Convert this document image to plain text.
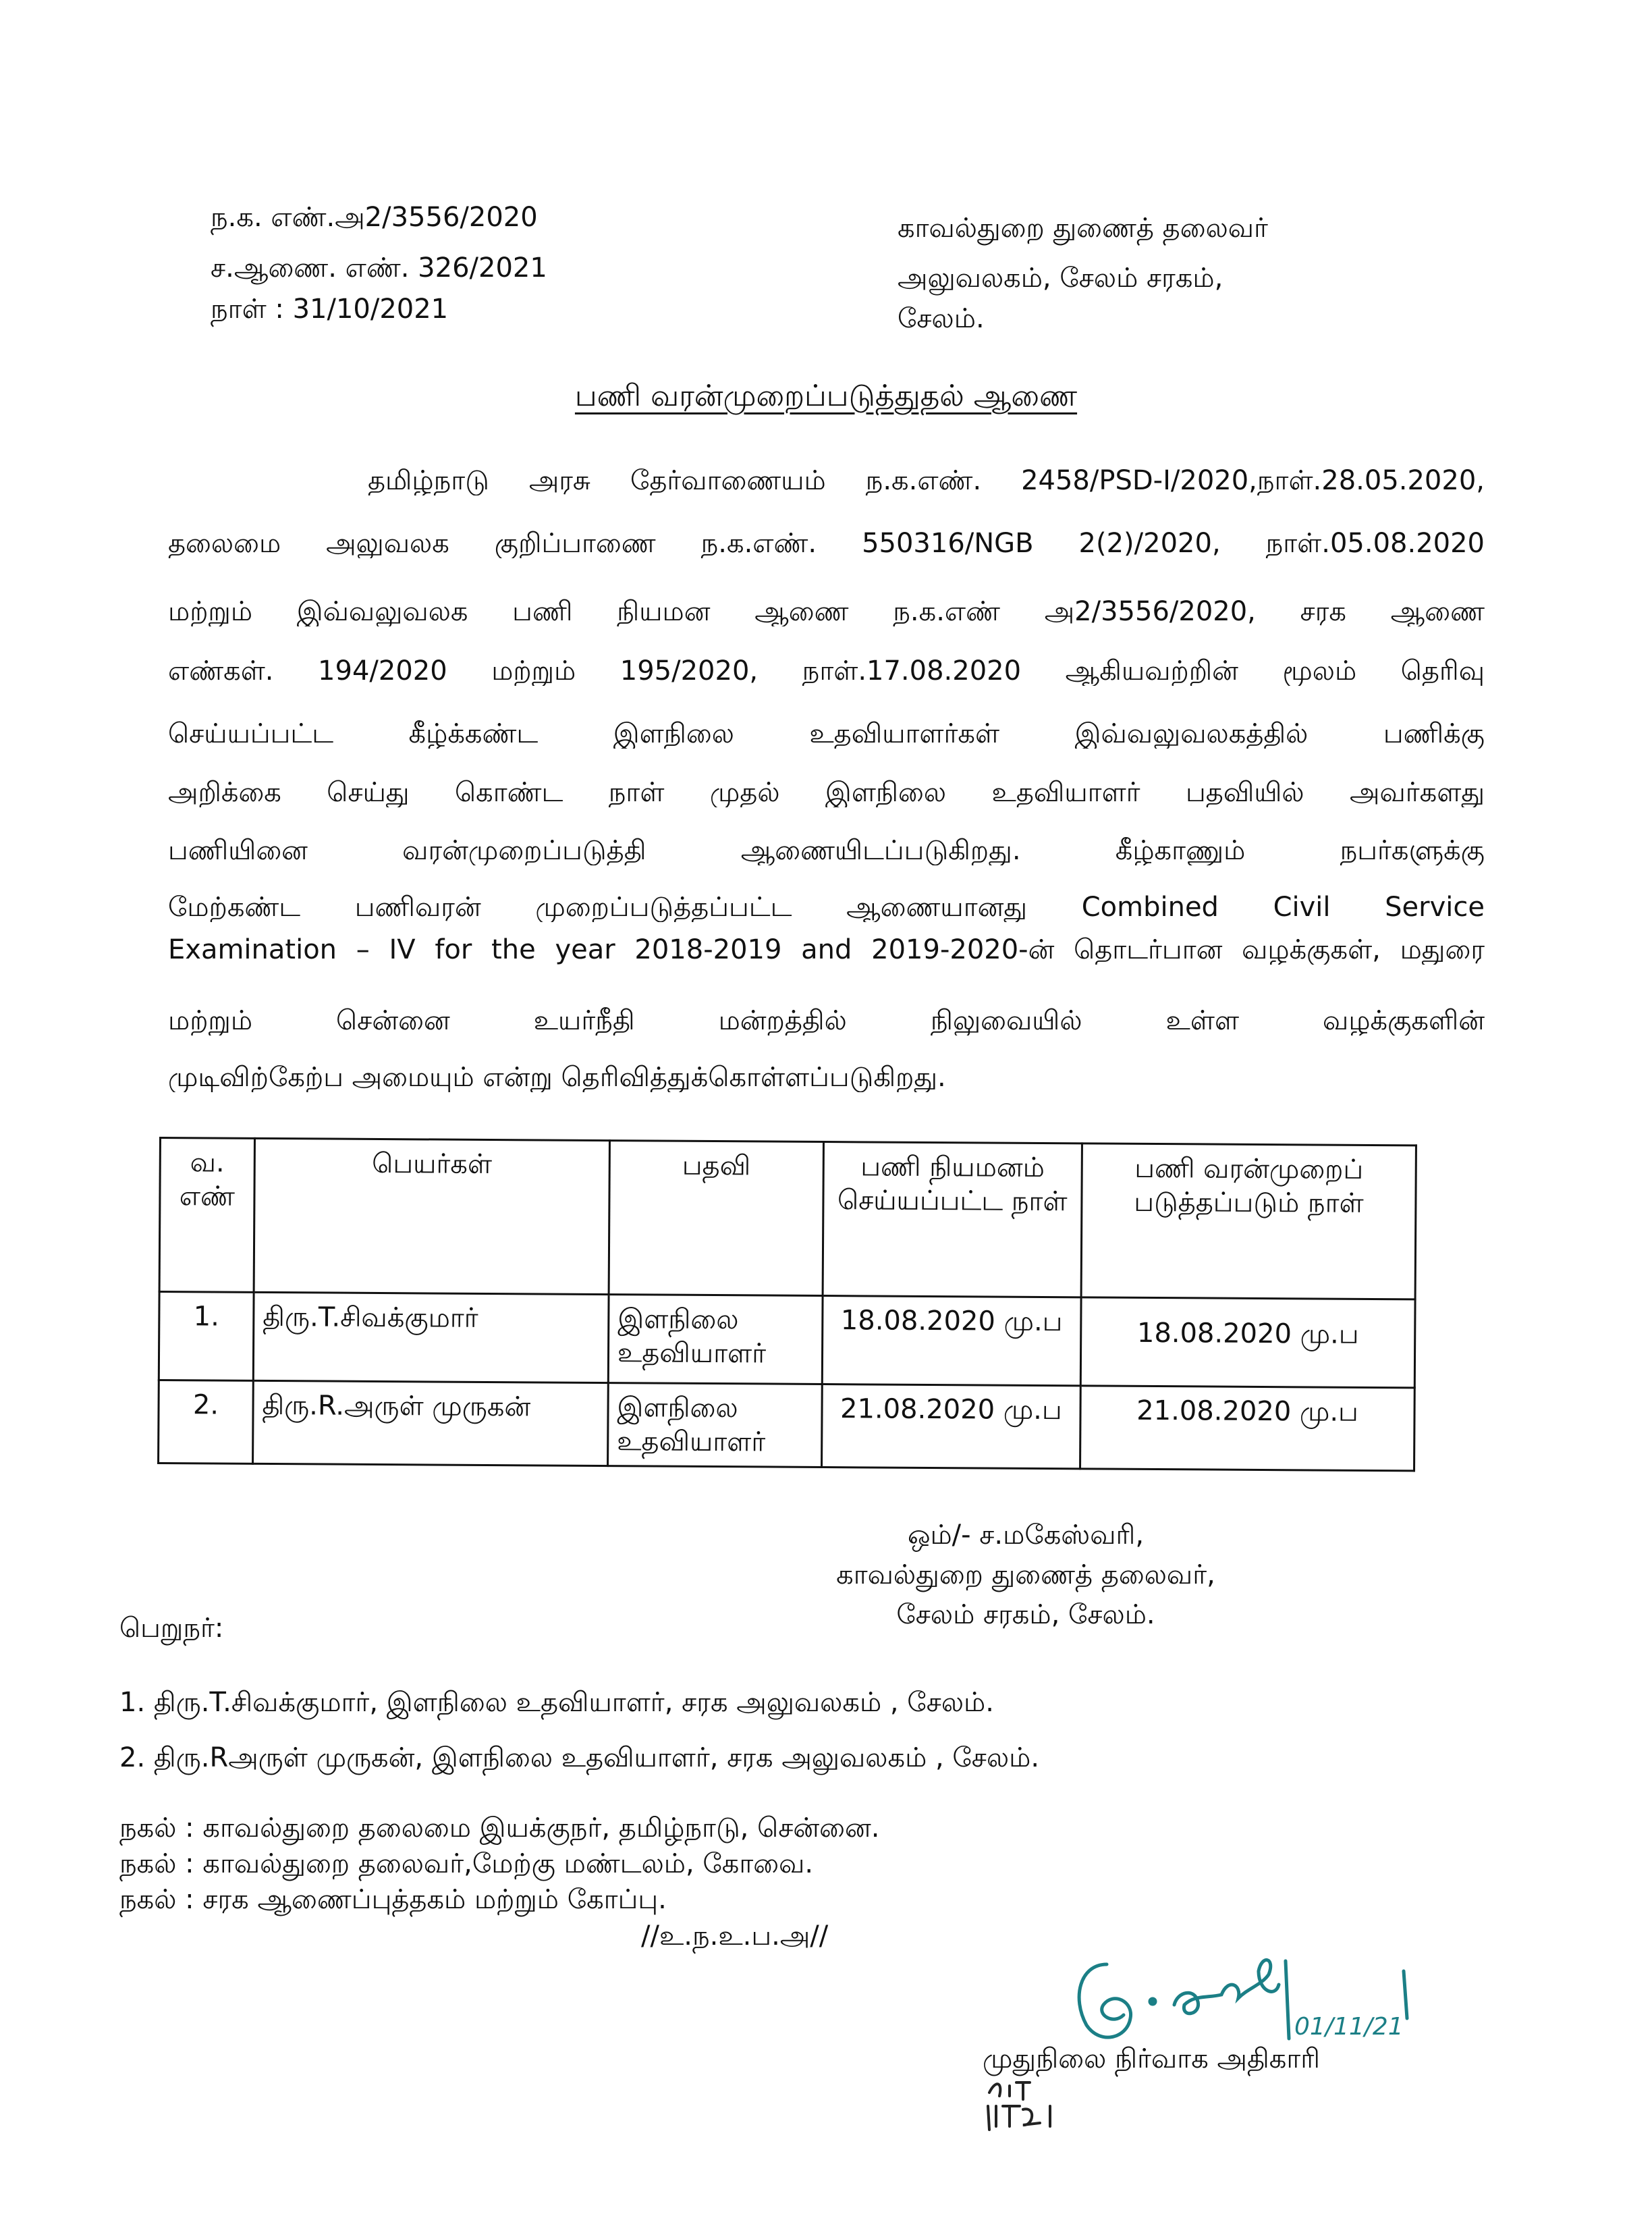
ந.க. எண்.அ2/3556/2020
ச.ஆணை. எண். 326/2021
நாள் : 31/10/2021
காவல்துறை துணைத் தலைவர்
அலுவலகம், சேலம் சரகம்,
சேலம்.
பணி வரன்முறைப்படுத்துதல் ஆணை
தமிழ்நாடு அரசு தேர்வாணையம் ந.க.எண். 2458/PSD-I/2020,நாள்.28.05.2020,
தலைமை அலுவலக குறிப்பாணை ந.க.எண். 550316/NGB 2(2)/2020, நாள்.05.08.2020
மற்றும் இவ்வலுவலக பணி நியமன ஆணை ந.க.எண் அ2/3556/2020, சரக ஆணை
எண்கள். 194/2020 மற்றும் 195/2020, நாள்.17.08.2020 ஆகியவற்றின் மூலம் தெரிவு
செய்யப்பட்ட கீழ்க்கண்ட இளநிலை உதவியாளர்கள் இவ்வலுவலகத்தில் பணிக்கு
அறிக்கை செய்து கொண்ட நாள் முதல் இளநிலை உதவியாளர் பதவியில் அவர்களது
பணியினை வரன்முறைப்படுத்தி ஆணையிடப்படுகிறது. கீழ்காணும் நபர்களுக்கு
மேற்கண்ட பணிவரன் முறைப்படுத்தப்பட்ட ஆணையானது Combined Civil Service
Examination – IV for the year 2018-2019 and 2019-2020-ன் தொடர்பான வழக்குகள், மதுரை
மற்றும் சென்னை உயர்நீதி மன்றத்தில் நிலுவையில் உள்ள வழக்குகளின்
முடிவிற்கேற்ப அமையும் என்று தெரிவித்துக்கொள்ளப்படுகிறது.
வ. எண்	பெயர்கள்	பதவி	பணி நியமனம் செய்யப்பட்ட நாள்	பணி வரன்முறைப் படுத்தப்படும் நாள்
1.	திரு.T.சிவக்குமார்	இளநிலை உதவியாளர்	18.08.2020 மு.ப	18.08.2020 மு.ப
2.	திரு.R.அருள் முருகன்	இளநிலை உதவியாளர்	21.08.2020 மு.ப	21.08.2020 மு.ப
ஒம்/- ச.மகேஸ்வரி,
காவல்துறை துணைத் தலைவர்,
சேலம் சரகம், சேலம்.
பெறுநர்:
1. திரு.T.சிவக்குமார், இளநிலை உதவியாளர், சரக அலுவலகம் , சேலம்.
2. திரு.Rஅருள் முருகன், இளநிலை உதவியாளர், சரக அலுவலகம் , சேலம்.
நகல் : காவல்துறை தலைமை இயக்குநர், தமிழ்நாடு, சென்னை.
நகல் : காவல்துறை தலைவர்,மேற்கு மண்டலம், கோவை.
நகல் : சரக ஆணைப்புத்தகம் மற்றும் கோப்பு.
//உ.ந.உ.ப.அ//
01/11/21
முதுநிலை நிர்வாக அதிகாரி
